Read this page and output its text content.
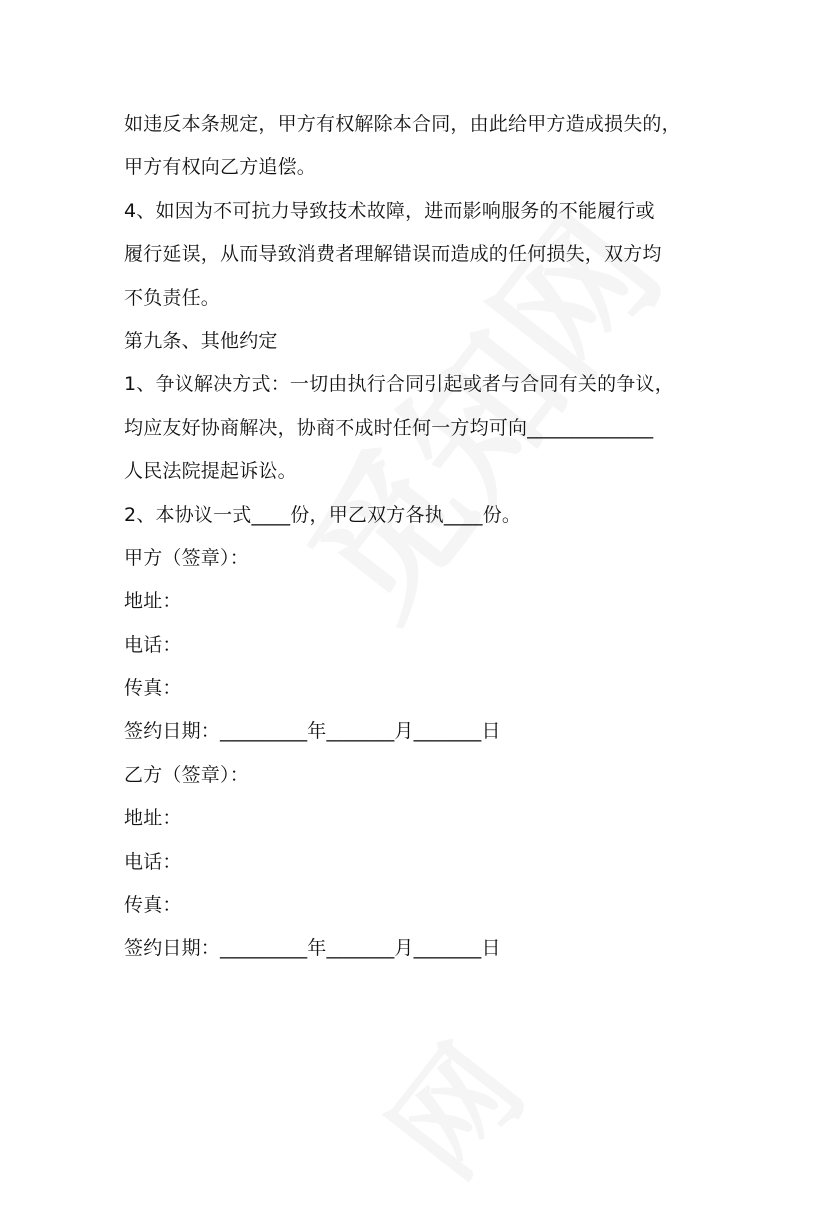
如违反本条规定，甲方有权解除本合同，由此给甲方造成损失的，
甲方有权向乙方追偿。
4、如因为不可抗力导致技术故障，进而影响服务的不能履行或
履行延误，从而导致消费者理解错误而造成的任何损失，双方均
不负责任。
第九条、其他约定
1、争议解决方式：一切由执行合同引起或者与合同有关的争议，
均应友好协商解决，协商不成时任何一方均可向_____________
人民法院提起诉讼。
2、本协议一式____份，甲乙双方各执____份。
甲方（签章）：
地址：
电话：
传真：
签约日期：_________年_______月_______日
乙方（签章）：
地址：
电话：
传真：
签约日期：_________年_______月_______日
